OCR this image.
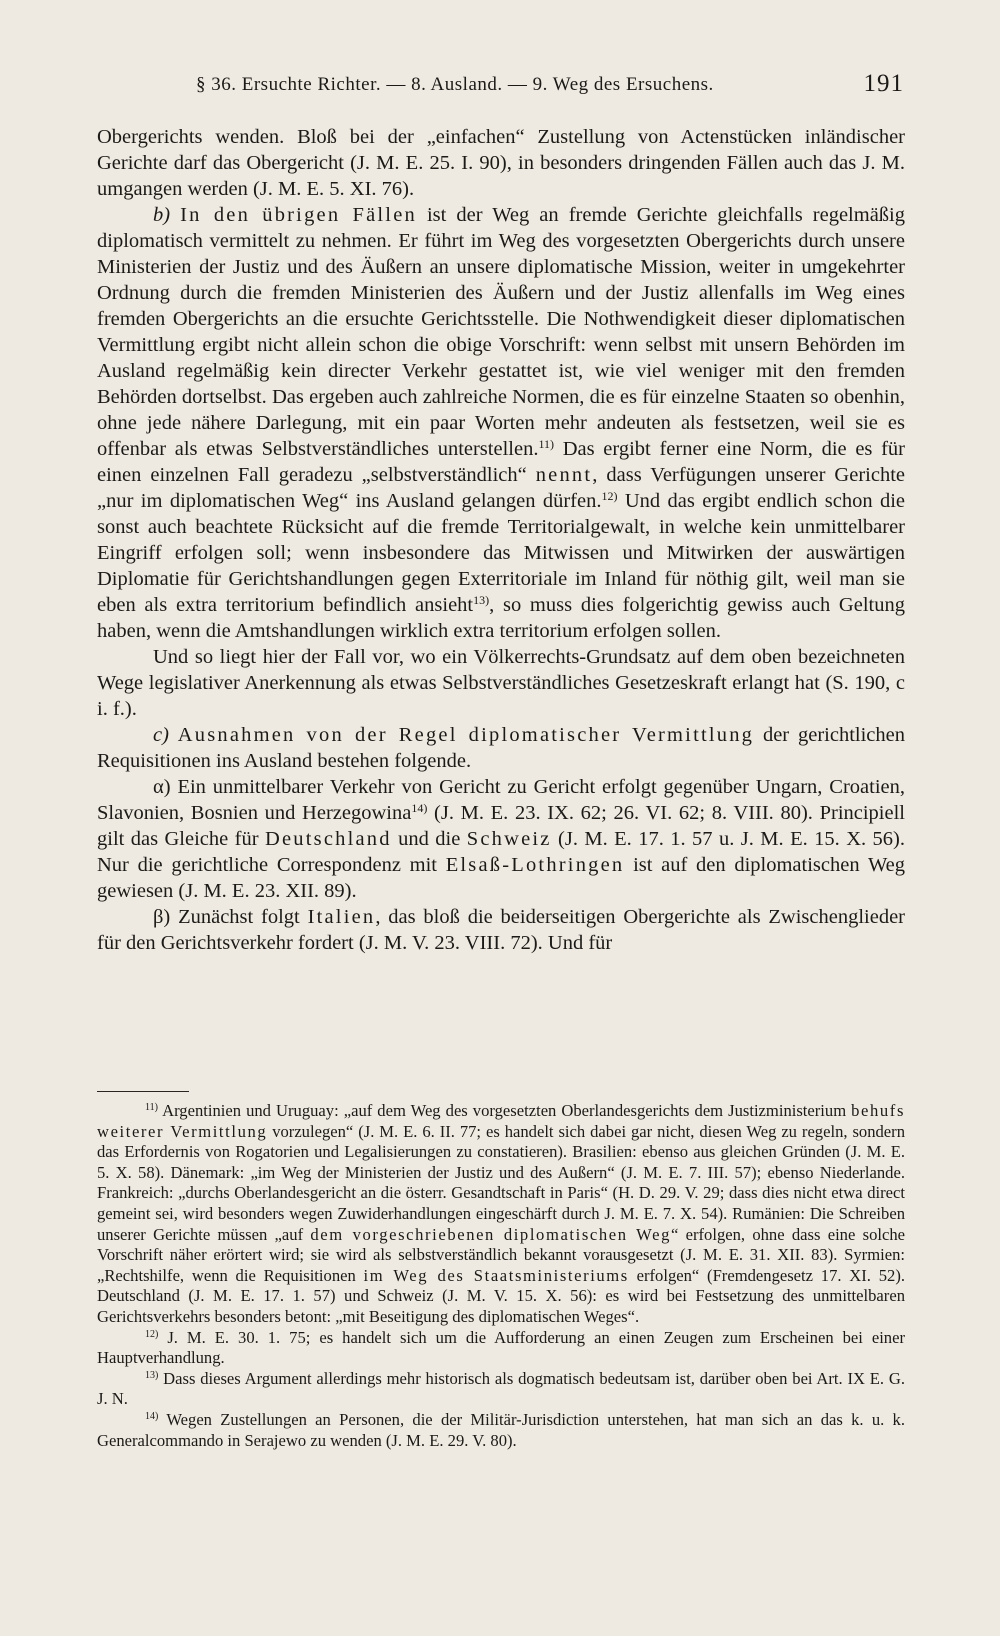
§ 36. Ersuchte Richter. — 8. Ausland. — 9. Weg des Ersuchens.	191

Obergerichts wenden. Bloß bei der „einfachen“ Zustellung von Actenstücken inländischer Gerichte darf das Obergericht (J. M. E. 25. I. 90), in besonders dringenden Fällen auch das J. M. umgangen werden (J. M. E. 5. XI. 76).

b) In den übrigen Fällen ist der Weg an fremde Gerichte gleichfalls regelmäßig diplomatisch vermittelt zu nehmen. Er führt im Weg des vorgesetzten Obergerichts durch unsere Ministerien der Justiz und des Äußern an unsere diplomatische Mission, weiter in umgekehrter Ordnung durch die fremden Ministerien des Äußern und der Justiz allenfalls im Weg eines fremden Obergerichts an die ersuchte Gerichtsstelle. Die Nothwendigkeit dieser diplomatischen Vermittlung ergibt nicht allein schon die obige Vorschrift: wenn selbst mit unsern Behörden im Ausland regelmäßig kein directer Verkehr gestattet ist, wie viel weniger mit den fremden Behörden dortselbst. Das ergeben auch zahlreiche Normen, die es für einzelne Staaten so obenhin, ohne jede nähere Darlegung, mit ein paar Worten mehr andeuten als festsetzen, weil sie es offenbar als etwas Selbstverständliches unterstellen.$^{11)}$ Das ergibt ferner eine Norm, die es für einen einzelnen Fall geradezu „selbstverständlich“ nennt, dass Verfügungen unserer Gerichte „nur im diplomatischen Weg“ ins Ausland gelangen dürfen.$^{12)}$ Und das ergibt endlich schon die sonst auch beachtete Rücksicht auf die fremde Territorialgewalt, in welche kein unmittelbarer Eingriff erfolgen soll; wenn insbesondere das Mitwissen und Mitwirken der auswärtigen Diplomatie für Gerichtshandlungen gegen Exterritoriale im Inland für nöthig gilt, weil man sie eben als extra territorium befindlich ansieht$^{13)}$, so muss dies folgerichtig gewiss auch Geltung haben, wenn die Amtshandlungen wirklich extra territorium erfolgen sollen.

Und so liegt hier der Fall vor, wo ein Völkerrechts-Grundsatz auf dem oben bezeichneten Wege legislativer Anerkennung als etwas Selbstverständliches Gesetzeskraft erlangt hat (S. 190, c i. f.).

c) Ausnahmen von der Regel diplomatischer Vermittlung der gerichtlichen Requisitionen ins Ausland bestehen folgende.

α) Ein unmittelbarer Verkehr von Gericht zu Gericht erfolgt gegenüber Ungarn, Croatien, Slavonien, Bosnien und Herzegowina$^{14)}$ (J. M. E. 23. IX. 62; 26. VI. 62; 8. VIII. 80). Principiell gilt das Gleiche für Deutschland und die Schweiz (J. M. E. 17. 1. 57 u. J. M. E. 15. X. 56). Nur die gerichtliche Correspondenz mit Elsaß-Lothringen ist auf den diplomatischen Weg gewiesen (J. M. E. 23. XII. 89).

β) Zunächst folgt Italien, das bloß die beiderseitigen Obergerichte als Zwischenglieder für den Gerichtsverkehr fordert (J. M. V. 23. VIII. 72). Und für

$^{11)}$ Argentinien und Uruguay: „auf dem Weg des vorgesetzten Oberlandesgerichts dem Justizministerium behufs weiterer Vermittlung vorzulegen“ (J. M. E. 6. II. 77; es handelt sich dabei gar nicht, diesen Weg zu regeln, sondern das Erfordernis von Rogatorien und Legalisierungen zu constatieren). Brasilien: ebenso aus gleichen Gründen (J. M. E. 5. X. 58). Dänemark: „im Weg der Ministerien der Justiz und des Außern“ (J. M. E. 7. III. 57); ebenso Niederlande. Frankreich: „durchs Oberlandesgericht an die österr. Gesandtschaft in Paris“ (H. D. 29. V. 29; dass dies nicht etwa direct gemeint sei, wird besonders wegen Zuwiderhandlungen eingeschärft durch J. M. E. 7. X. 54). Rumänien: Die Schreiben unserer Gerichte müssen „auf dem vorgeschriebenen diplomatischen Weg“ erfolgen, ohne dass eine solche Vorschrift näher erörtert wird; sie wird als selbstverständlich bekannt vorausgesetzt (J. M. E. 31. XII. 83). Syrmien: „Rechtshilfe, wenn die Requisitionen im Weg des Staatsministeriums erfolgen“ (Fremdengesetz 17. XI. 52). Deutschland (J. M. E. 17. 1. 57) und Schweiz (J. M. V. 15. X. 56): es wird bei Festsetzung des unmittelbaren Gerichtsverkehrs besonders betont: „mit Beseitigung des diplomatischen Weges“.

$^{12)}$ J. M. E. 30. 1. 75; es handelt sich um die Aufforderung an einen Zeugen zum Erscheinen bei einer Hauptverhandlung.

$^{13)}$ Dass dieses Argument allerdings mehr historisch als dogmatisch bedeutsam ist, darüber oben bei Art. IX E. G. J. N.

$^{14)}$ Wegen Zustellungen an Personen, die der Militär-Jurisdiction unterstehen, hat man sich an das k. u. k. Generalcommando in Serajewo zu wenden (J. M. E. 29. V. 80).
